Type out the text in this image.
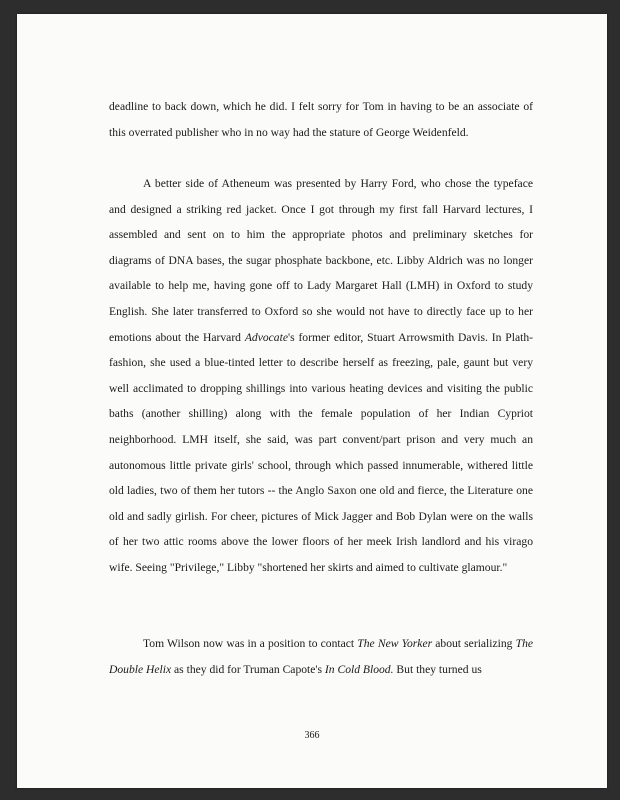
deadline to back down, which he did. I felt sorry for Tom in having to be an associate of this overrated publisher who in no way had the stature of George Weidenfeld.

A better side of Atheneum was presented by Harry Ford, who chose the typeface and designed a striking red jacket. Once I got through my first fall Harvard lectures, I assembled and sent on to him the appropriate photos and preliminary sketches for diagrams of DNA bases, the sugar phosphate backbone, etc. Libby Aldrich was no longer available to help me, having gone off to Lady Margaret Hall (LMH) in Oxford to study English. She later transferred to Oxford so she would not have to directly face up to her emotions about the Harvard Advocate's former editor, Stuart Arrowsmith Davis. In Plath-fashion, she used a blue-tinted letter to describe herself as freezing, pale, gaunt but very well acclimated to dropping shillings into various heating devices and visiting the public baths (another shilling) along with the female population of her Indian Cypriot neighborhood. LMH itself, she said, was part convent/part prison and very much an autonomous little private girls' school, through which passed innumerable, withered little old ladies, two of them her tutors -- the Anglo Saxon one old and fierce, the Literature one old and sadly girlish. For cheer, pictures of Mick Jagger and Bob Dylan were on the walls of her two attic rooms above the lower floors of her meek Irish landlord and his virago wife. Seeing "Privilege," Libby "shortened her skirts and aimed to cultivate glamour."

Tom Wilson now was in a position to contact The New Yorker about serializing The Double Helix as they did for Truman Capote's In Cold Blood. But they turned us

366
